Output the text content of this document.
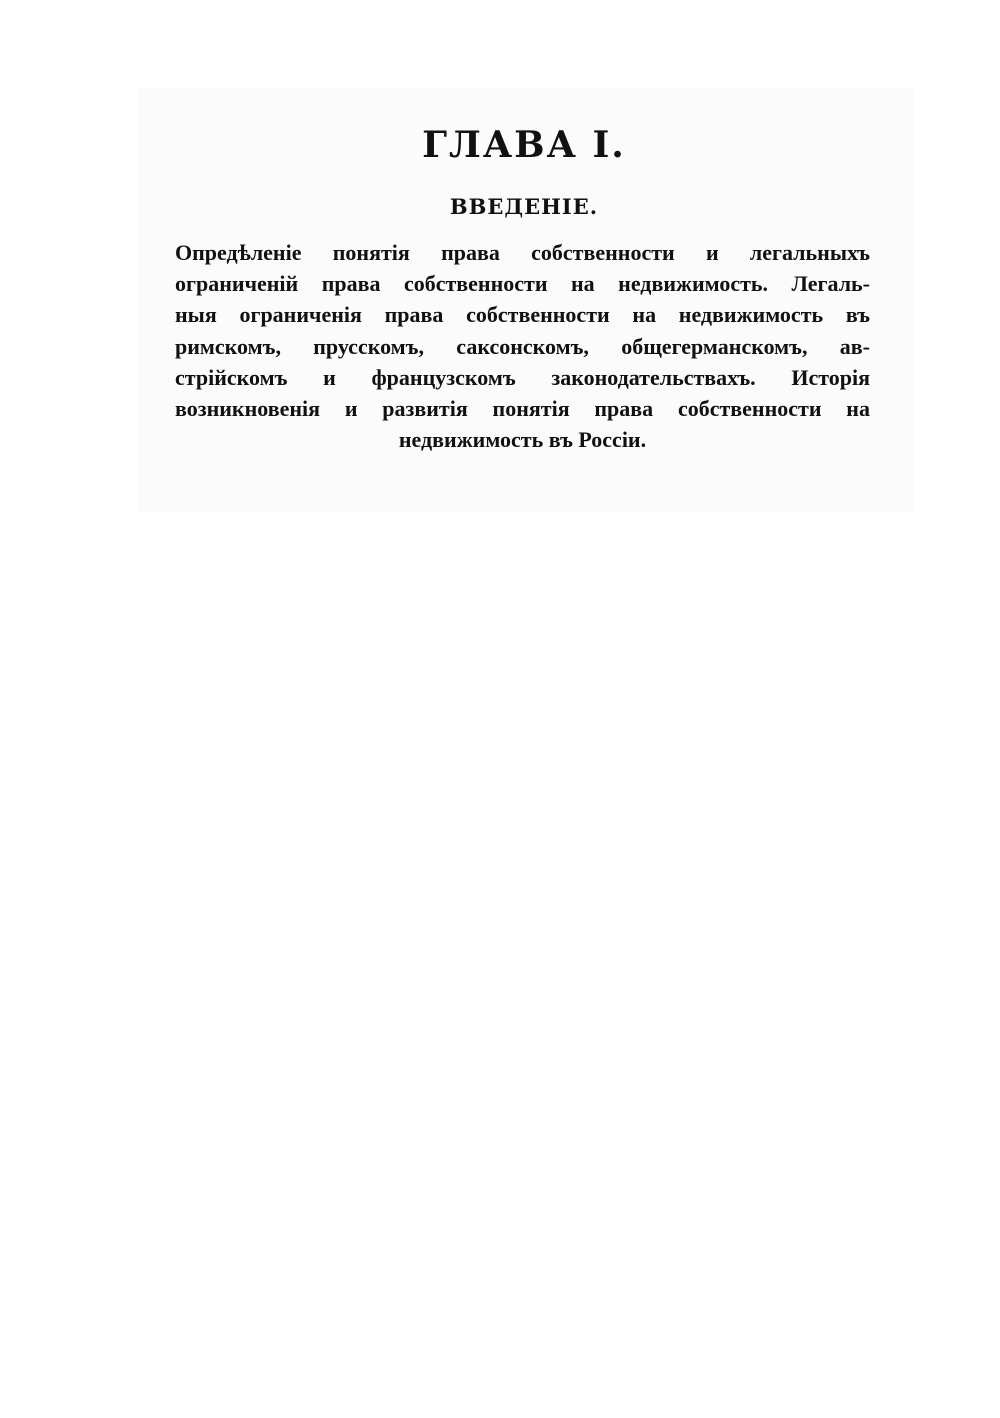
ГЛАВА I.
ВВЕДЕНІЕ.
Опредѣленіе понятія права собственности и легальныхъ
ограниченій права собственности на недвижимость. Легаль-
ныя ограниченія права собственности на недвижимость въ
римскомъ, прусскомъ, саксонскомъ, общегерманскомъ, ав-
стрійскомъ и французскомъ законодательствахъ. Исторія
возникновенія и развитія понятія права собственности на
недвижимость въ Россіи.
